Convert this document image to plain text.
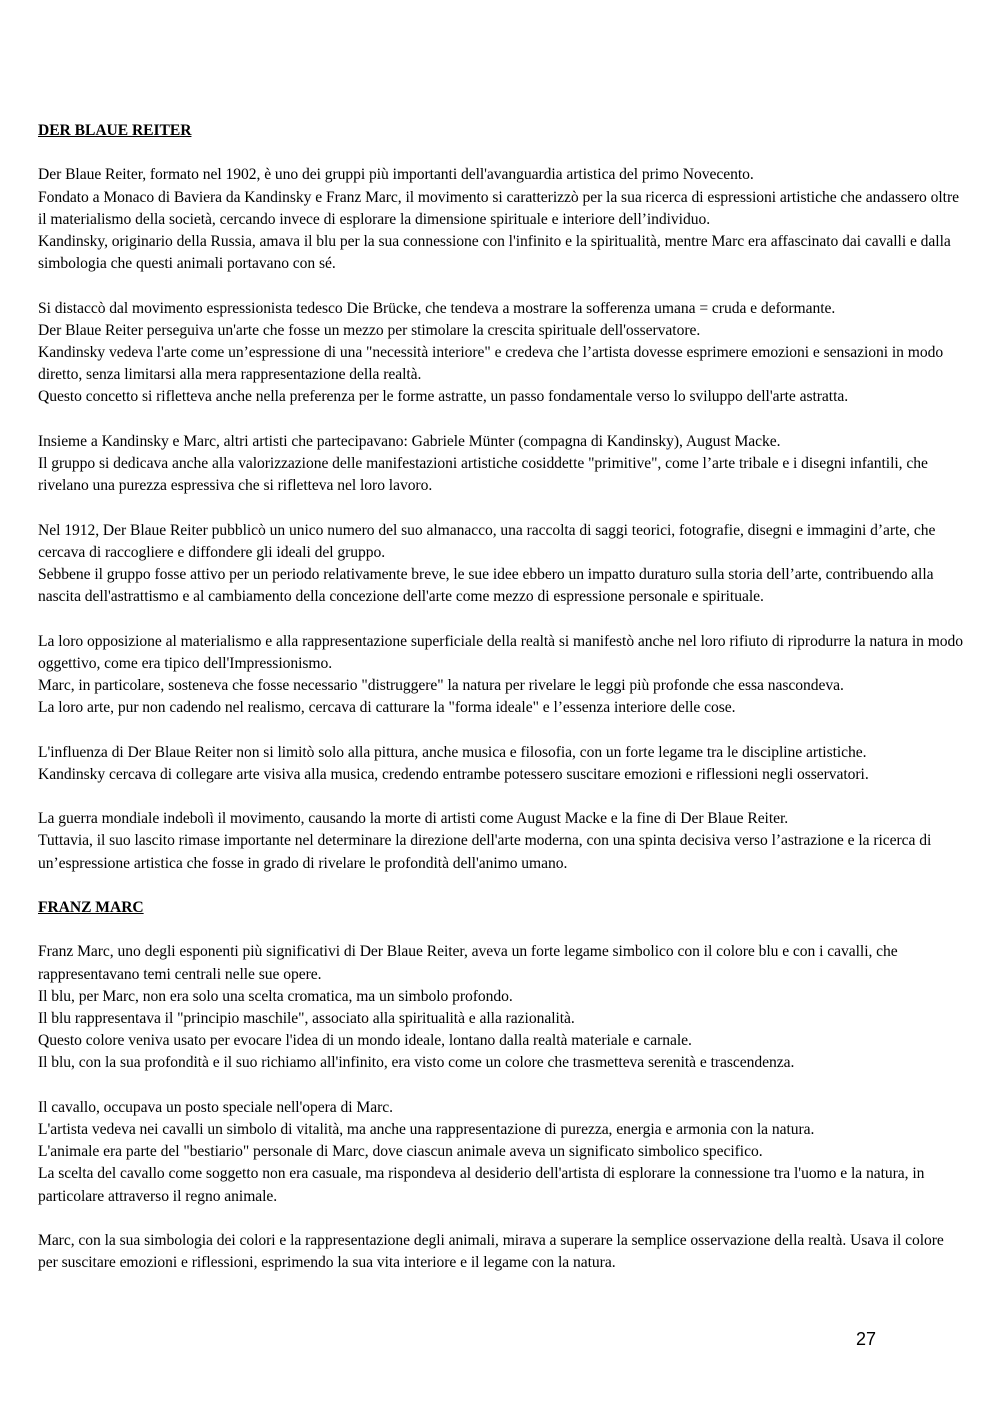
DER BLAUE REITER

Der Blaue Reiter, formato nel 1902, è uno dei gruppi più importanti dell'avanguardia artistica del primo Novecento.
Fondato a Monaco di Baviera da Kandinsky e Franz Marc, il movimento si caratterizzò per la sua ricerca di espressioni artistiche che andassero oltre il materialismo della società, cercando invece di esplorare la dimensione spirituale e interiore dell’individuo.
Kandinsky, originario della Russia, amava il blu per la sua connessione con l'infinito e la spiritualità, mentre Marc era affascinato dai cavalli e dalla simbologia che questi animali portavano con sé.

Si distaccò dal movimento espressionista tedesco Die Brücke, che tendeva a mostrare la sofferenza umana = cruda e deformante.
Der Blaue Reiter perseguiva un'arte che fosse un mezzo per stimolare la crescita spirituale dell'osservatore.
Kandinsky vedeva l'arte come un’espressione di una "necessità interiore" e credeva che l’artista dovesse esprimere emozioni e sensazioni in modo diretto, senza limitarsi alla mera rappresentazione della realtà.
Questo concetto si rifletteva anche nella preferenza per le forme astratte, un passo fondamentale verso lo sviluppo dell'arte astratta.

Insieme a Kandinsky e Marc, altri artisti che partecipavano: Gabriele Münter (compagna di Kandinsky), August Macke.
Il gruppo si dedicava anche alla valorizzazione delle manifestazioni artistiche cosiddette "primitive", come l’arte tribale e i disegni infantili, che rivelano una purezza espressiva che si rifletteva nel loro lavoro.

Nel 1912, Der Blaue Reiter pubblicò un unico numero del suo almanacco, una raccolta di saggi teorici, fotografie, disegni e immagini d’arte, che cercava di raccogliere e diffondere gli ideali del gruppo.
Sebbene il gruppo fosse attivo per un periodo relativamente breve, le sue idee ebbero un impatto duraturo sulla storia dell’arte, contribuendo alla nascita dell'astrattismo e al cambiamento della concezione dell'arte come mezzo di espressione personale e spirituale.

La loro opposizione al materialismo e alla rappresentazione superficiale della realtà si manifestò anche nel loro rifiuto di riprodurre la natura in modo oggettivo, come era tipico dell'Impressionismo.
Marc, in particolare, sosteneva che fosse necessario "distruggere" la natura per rivelare le leggi più profonde che essa nascondeva.
La loro arte, pur non cadendo nel realismo, cercava di catturare la "forma ideale" e l’essenza interiore delle cose.

L'influenza di Der Blaue Reiter non si limitò solo alla pittura, anche musica e filosofia, con un forte legame tra le discipline artistiche.
Kandinsky cercava di collegare arte visiva alla musica, credendo entrambe potessero suscitare emozioni e riflessioni negli osservatori.

La guerra mondiale indebolì il movimento, causando la morte di artisti come August Macke e la fine di Der Blaue Reiter.
Tuttavia, il suo lascito rimase importante nel determinare la direzione dell'arte moderna, con una spinta decisiva verso l’astrazione e la ricerca di un’espressione artistica che fosse in grado di rivelare le profondità dell'animo umano.

FRANZ MARC

Franz Marc, uno degli esponenti più significativi di Der Blaue Reiter, aveva un forte legame simbolico con il colore blu e con i cavalli, che rappresentavano temi centrali nelle sue opere.
Il blu, per Marc, non era solo una scelta cromatica, ma un simbolo profondo.
Il blu rappresentava il "principio maschile", associato alla spiritualità e alla razionalità.
Questo colore veniva usato per evocare l'idea di un mondo ideale, lontano dalla realtà materiale e carnale.
Il blu, con la sua profondità e il suo richiamo all'infinito, era visto come un colore che trasmetteva serenità e trascendenza.

Il cavallo, occupava un posto speciale nell'opera di Marc.
L'artista vedeva nei cavalli un simbolo di vitalità, ma anche una rappresentazione di purezza, energia e armonia con la natura.
L'animale era parte del "bestiario" personale di Marc, dove ciascun animale aveva un significato simbolico specifico.
La scelta del cavallo come soggetto non era casuale, ma rispondeva al desiderio dell'artista di esplorare la connessione tra l'uomo e la natura, in particolare attraverso il regno animale.

Marc, con la sua simbologia dei colori e la rappresentazione degli animali, mirava a superare la semplice osservazione della realtà. Usava il colore per suscitare emozioni e riflessioni, esprimendo la sua vita interiore e il legame con la natura.

27
